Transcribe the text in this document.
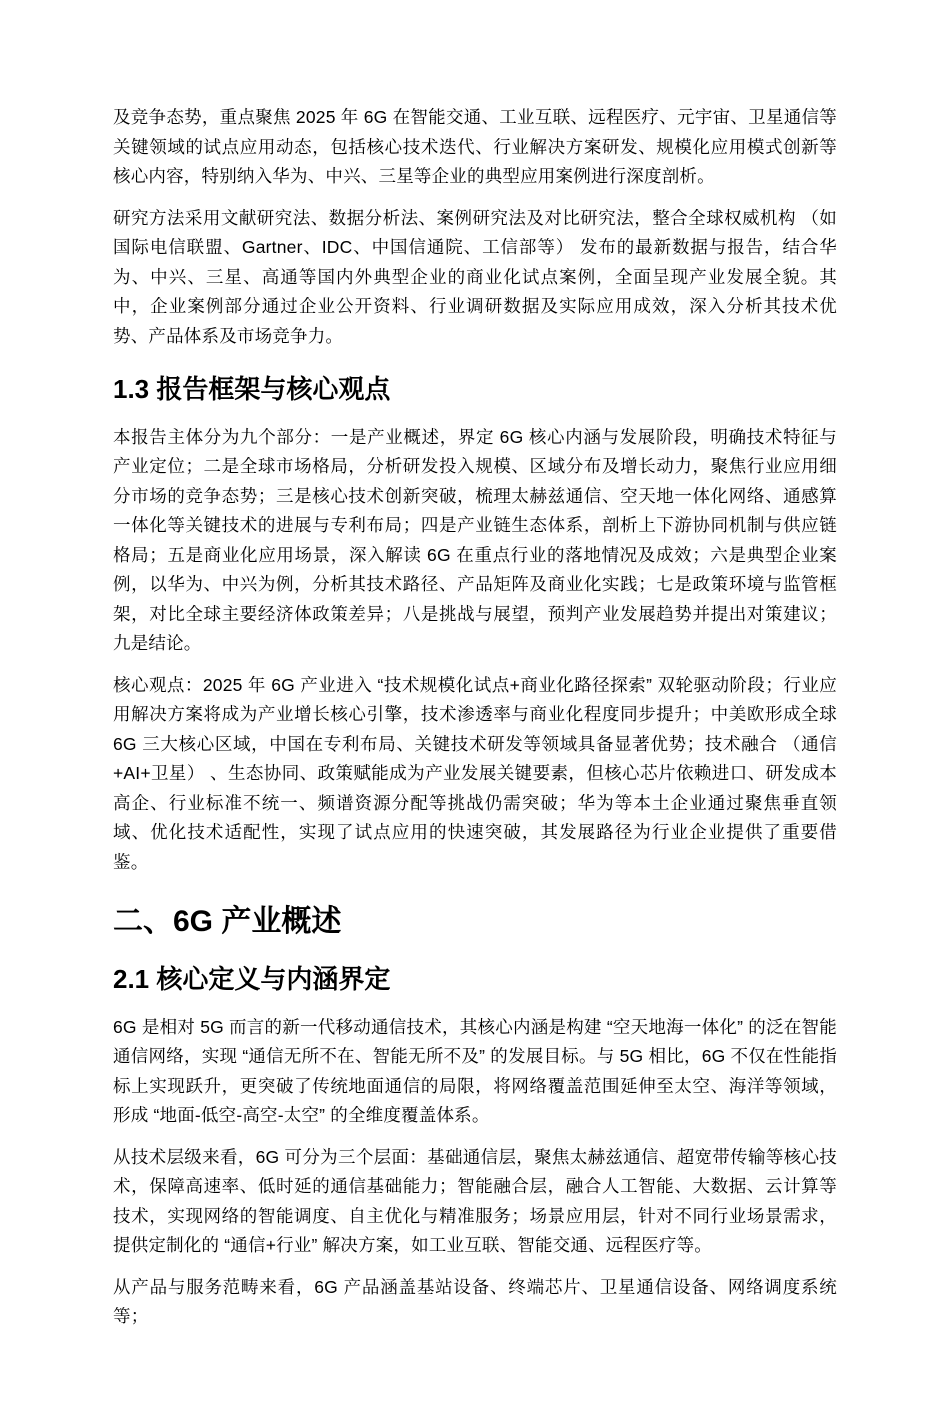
及竞争态势，重点聚焦 2025 年 6G 在智能交通、工业互联、远程医疗、元宇宙、卫星通信等关键领域的试点应用动态，包括核心技术迭代、行业解决方案研发、规模化应用模式创新等核心内容，特别纳入华为、中兴、三星等企业的典型应用案例进行深度剖析。

研究方法采用文献研究法、数据分析法、案例研究法及对比研究法，整合全球权威机构 （如国际电信联盟、Gartner、IDC、中国信通院、工信部等） 发布的最新数据与报告，结合华为、中兴、三星、高通等国内外典型企业的商业化试点案例，全面呈现产业发展全貌。其中，企业案例部分通过企业公开资料、行业调研数据及实际应用成效，深入分析其技术优势、产品体系及市场竞争力。

1.3 报告框架与核心观点

本报告主体分为九个部分：一是产业概述，界定 6G 核心内涵与发展阶段，明确技术特征与产业定位；二是全球市场格局，分析研发投入规模、区域分布及增长动力，聚焦行业应用细分市场的竞争态势；三是核心技术创新突破，梳理太赫兹通信、空天地一体化网络、通感算一体化等关键技术的进展与专利布局；四是产业链生态体系，剖析上下游协同机制与供应链格局；五是商业化应用场景，深入解读 6G 在重点行业的落地情况及成效；六是典型企业案例，以华为、中兴为例，分析其技术路径、产品矩阵及商业化实践；七是政策环境与监管框架，对比全球主要经济体政策差异；八是挑战与展望，预判产业发展趋势并提出对策建议；九是结论。

核心观点：2025 年 6G 产业进入 “技术规模化试点+商业化路径探索” 双轮驱动阶段；行业应用解决方案将成为产业增长核心引擎，技术渗透率与商业化程度同步提升；中美欧形成全球 6G 三大核心区域，中国在专利布局、关键技术研发等领域具备显著优势；技术融合 （通信+AI+卫星） 、生态协同、政策赋能成为产业发展关键要素，但核心芯片依赖进口、研发成本高企、行业标准不统一、频谱资源分配等挑战仍需突破；华为等本土企业通过聚焦垂直领域、优化技术适配性，实现了试点应用的快速突破，其发展路径为行业企业提供了重要借鉴。

二、6G 产业概述
2.1 核心定义与内涵界定

6G 是相对 5G 而言的新一代移动通信技术，其核心内涵是构建 “空天地海一体化” 的泛在智能通信网络，实现 “通信无所不在、智能无所不及” 的发展目标。与 5G 相比，6G 不仅在性能指标上实现跃升，更突破了传统地面通信的局限，将网络覆盖范围延伸至太空、海洋等领域，形成 “地面-低空-高空-太空” 的全维度覆盖体系。

从技术层级来看，6G 可分为三个层面：基础通信层，聚焦太赫兹通信、超宽带传输等核心技术，保障高速率、低时延的通信基础能力；智能融合层，融合人工智能、大数据、云计算等技术，实现网络的智能调度、自主优化与精准服务；场景应用层，针对不同行业场景需求，提供定制化的 “通信+行业” 解决方案，如工业互联、智能交通、远程医疗等。

从产品与服务范畴来看，6G 产品涵盖基站设备、终端芯片、卫星通信设备、网络调度系统等；
